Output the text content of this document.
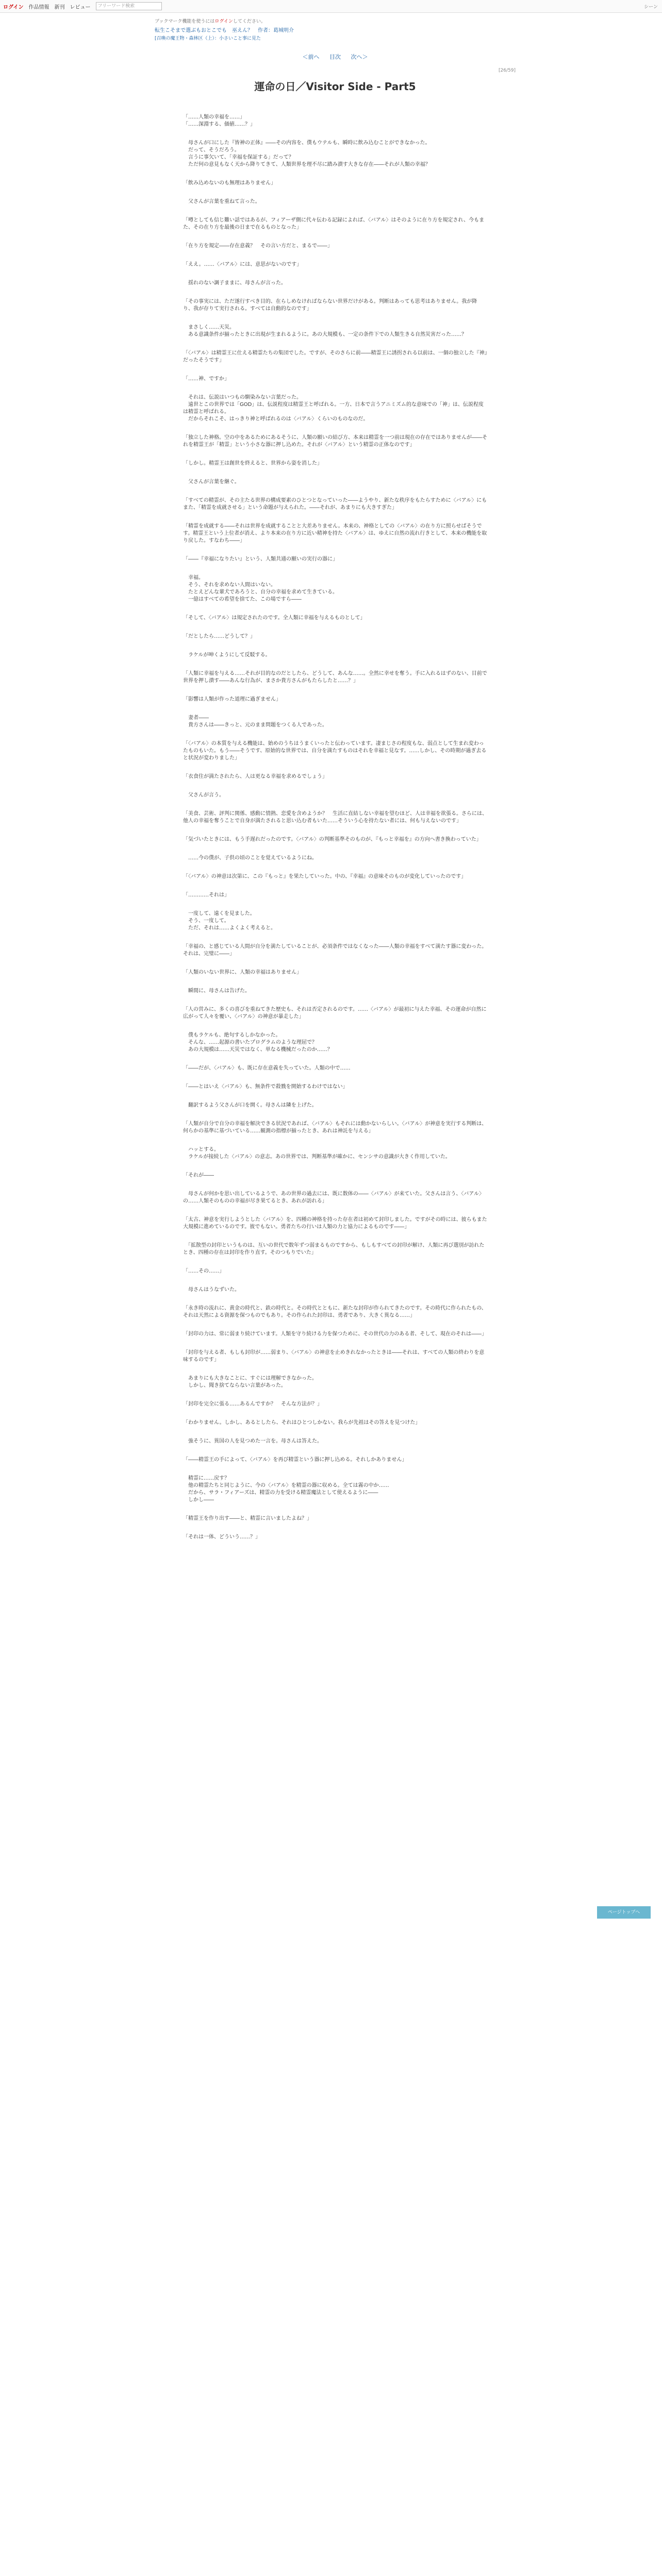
ログイン 作品情報 新刊 レビュー	フリーワード検索	シーン
ブックマーク機能を使うにはログインしてください。
転生こそまで選ぶもおとこでも　巫えん？　作者：葛城明介
[召喚の魔王物・森林区（上）：小さいこと事に見た
＜前へ 目次 次へ＞
[26/59]
運命の日／Visitor Side - Part5
「……人類の幸福を……」
「……深淵する、価値……？」
　母さんが口にした『皆神の正体』――その内容を、僕もウテルも、瞬時に飲み込むことができなかった。
　だって、そうだろう。
　言うに事欠いて、「幸福を保証する」だって？
　ただ何の意見もなく天から降りてきて、人類世界を理不尽に踏み潰す大きな存在――それが人類の幸福？
「飲み込めないのも無理はありません」
　父さんが言葉を重ねて言った。
「噂としても信じ難い話ではあるが、フィアーザ側に代々伝わる記録によれば、〈バアル〉はそのように在り方を規定され、今もまた、その在り方を最後の日まで在るものとなった」
「在り方を規定――存在意義？　その言い方だと、まるで――」
「ええ。……〈バアル〉には、意思がないのです」
　揺れのない調子ままに、母さんが言った。
「その事実には、ただ遂行すべき目的、在らしめなければならない世界だけがある。判断はあっても思考はありません。我が降り、我が存りて実行される。すべては自動的なのです」
　まさしく……天災。
　ある意識条件が揃ったときに出現が生まれるように。あの大規模も、一定の条件下での人類生きる自然災害だった……？
「〈バアル〉は精霊王に仕える精霊たちの集団でした。ですが、そのさらに前――精霊王に誘拐される以前は、一個の独立した『神』だったそうです」
「……神、ですか」
　それは、伝説はいつもの馴染みない言葉だった。
　遠世とこの世界では「GOD」は、伝説程度は精霊王と呼ばれる。一方、日本で言うアニミズム的な意味での「神」は、伝説程度は精霊と呼ばれる。
　だからそれこそ、はっきり神と呼ばれるのは〈バアル〉くらいのものなのだ。
「独立した神格。空の中をあるためにあるそうに、人類の願いの結び方、本来は精霊を一つ前は現在の存在ではありませんが――それを精霊王が「精霊」という小さな器に押し込めた。それが〈バアル〉という精霊の正体なのです」
「しかし。精霊王は創世を終えると、世界から姿を消した」
　父さんが言葉を継ぐ。
「すべての精霊が、その主たる世界の構成要素のひとつとなっていった――ようやり、新たな秩序をもたらすために〈バアル〉にもまた、「精霊を成就させる」という命題が与えられた。――それが、あまりにも大きすぎた」
「精霊を成就する――それは世界を成就することと大差ありません。本来の、神格としての〈バアル〉の在り方に照らせばそうです。精霊王という上位者が消え、より本来の在り方に近い精神を持た〈バアル〉は、ゆえに自然の流れ行きとして、本来の機能を取り戻した。すなわち――」
「――『幸福になりたい』という、人類共通の願いの実行の器に」
　幸福。
　そう、それを求めない人間はいない。
　たとえどんな輩犬であろうと、自分の幸福を求めて生きている。
　一億はすべての希望を捨てた、この場ですら――
「そして、〈バアル〉は規定されたのです。全人類に幸福を与えるものとして」
「だとしたら……どうして？」
　ラケルが呻くようにして反駁する。
「人類に幸福を与える……それが目的なのだとしたら、どうして、あんな……。全然に幸せを奪う。手に入れるはずのない、目前で世界を押し潰す――あんな行為が、まさか貴方さんがもたらしたと……？」
「影響は人類が作った道理に過ぎません」
　妻者――
　貴方さんは――きっと、元のまま問題をつくる人であった。
「〈バアル〉の本質を与える機能は、始めのうちはうまくいったと伝わっています。凄まじさの程度もな、弱点として生まれ変わったものもいた。もう――そうです、原始的な世界では、自分を満たすものはそれを幸福と見なす。……しかし、その時期が過ぎ去ると状況が変わりました」
「衣食住が満たされたら、人は更なる幸福を求めるでしょう」
　父さんが言う。
「美食、芸術、評判に関係、感動に情熱、恋愛を含めようか？　生活に直結しない幸福を望むほど、人は幸福を欲張る。さらには、他人の幸福を奪うことで自身が満たされると思い込む者もいた……そういう心を持たない者には、何も与えないのです」
「気づいたときには、もう手遅れだったのです。〈バアル〉の判断基準そのものが、『もっと幸福を』の方向へ書き換わっていた」
　……今の僕が、子供の頃のことを覚えているようにね。
「〈バアル〉の神意は次第に、この『もっと』を果たしていった。中の、『幸福』の意味そのものが変化していったのです」
「…………それは」
　一度して、遠くを見ました。
　そう、一度して。
　ただ、それは……よくよく考えると。
「幸福の、と感じている人間が自分を満たしていることが、必須条件ではなくなった――人類の幸福をすべて満たす器に変わった。それは、完璧に――」
「人類のいない世界に、人類の幸福はありません」
　瞬間に、母さんは告げた。
「人の営みに、多くの喜びを重ねてきた歴史も、それは否定されるのです。……〈バアル〉が最初に与えた幸福、その運命が自然に広がって人々を覆い、〈バアル〉の神意が暴走した」
　僕もラケルも、絶句するしかなかった。
　そんな、……起源の書いたプログラムのような理屈で？
　あの大規模は……天災ではなく、単なる機械だったのか……？
「――だが、〈バアル〉も、既に存在意義を失っていた。人類の中で……
「――とはいえ〈バアル〉も、無条件で殺戮を開始するわけではない」
　翻訳するよう父さんが口を開く。母さんは隣を上げた。
「人類が自分で自分の幸福を解決できる状況であれば、〈バアル〉もそれには動かないらしい。〈バアル〉が神意を実行する判断は、何らかの基準に基づいている……観測の指標が揃ったとき、あれは神託を与える」
　ハッとする。
　ラケルが接続した〈バアル〉の意志。あの世界では、判断基準が確かに、センシサの意識が大きく作用していた。
「それが――
　母さんが何かを思い出しているようで、あの世界の過去には、既に数体の――〈バアル〉が来ていた。父さんは言う、〈バアル〉の……人類そのものの幸福が尽き果てるとき、あれが訪れる」
「太古、神意を実行しようとした〈バアル〉を、四種の神格を持った存在者は初めて封印しました。ですがその時には、彼らもまた大規模に進めているのです。彼でもない。勇者たちの行いは人類の力と協力によるものです――」
　「拡散型の封印というものは、互いの世代で数年ずつ弱まるものですから、もしもすべての封印が解け、人類に再び選別が訪れたとき、四種の存在は封印を作り直す。そのつもりでいた」
「……その……」
　母さんはうなずいた。
「永き時の流れに、黄金の時代と、鉄の時代と。その時代とともに、新たな封印が作られてきたのです。その時代に作られたもの、それは天然による資源を保つものでもあり。その作られた封印は、勇者であり、大きく異なる……」
「封印の力は、常に弱まり続けています。人類を守り続ける力を保つために、その世代の力のある者、そして、現在のそれは――」
「封印を与える者、もしも封印が……弱まり、〈バアル〉の神意を止めきれなかったときは――それは、すべての人類の終わりを意味するのです」
　あまりにも大きなことに、すぐには理解できなかった。
　しかし、聞き捨てならない言葉があった。
「封印を完全に張る……あるんですか？　そんな方法が？」
「わかりません。しかし、あるとしたら、それはひとつしかない。我らが先祖はその答えを見つけた」
　強そうに、異国の人を見つめた一言を。母さんは答えた。
「――精霊王の手によって、〈バアル〉を再び精霊という器に押し込める。それしかありません」
　精霊に……戻す？
　他の精霊たちと同じように、今の〈バアル〉を精霊の器に収める。全ては霧の中か……
　だから、サラ・フィアーズは、精霊の力を受ける精霊魔法として使えるように――
　しかし――
「精霊王を作り出す――と、精霊に言いましたよね？」
「それは一体、どういう……？」
ページトップへ
